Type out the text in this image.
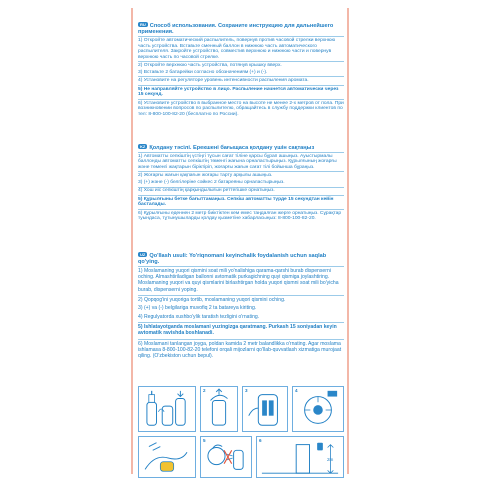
RU Способ использования. Сохраните инструкцию для дальнейшего применения.
1) Откройте автоматический распылитель, повернув против часовой стрелки верхнюю часть устройства. Вставьте сменный баллон в нижнюю часть автоматического распылителя. Закройте устройство, совместив верхнюю и нижнюю части и повернув верхнюю часть по часовой стрелке.
2) Откройте верхнюю часть устройства, потянув крышку вверх.
3) Вставьте 2 батарейки согласно обозначениям (+) и (-).
4) Установите на регуляторе уровень интенсивности распыления аромата.
5) Не направляйте устройство в лицо. Распыление начнется автоматически через 15 секунд.
6) Установите устройство в выбранное место на высоте не менее 2-х метров от пола. При возникновении вопросов по распылителю, обращайтесь в службу поддержки клиентов по тел: 8-800-100-82-20 (бесплатно по России).
KZ Қолдану тәсілі. Ерекшені бағыщаса қолдану үшін сақтаңыз
1) Автоматты сепкіштің үстіңгі тұсын сағат тіліне қарсы бұрап ашыңыз. Ауыстырмалы баллонды автоматты сепкіштің төменгі жағына орналастырыңыз. Құрылғының жоғарғы және төменгі жақтарын біріктіріп, жоғарғы жағын сағат тілі бойынша бұраңыз.
2) Жоғарғы жағын қақпағын жоғары тарту арқылы ашыңыз.
3) (+) және (-) белгілеріне сәйкес 2 батареяны орналастырыңыз.
4) Хош иіс сепкіштің қарқындылығын реттегішке орнатыңыз.
5) Құрылғыны бетке бағыттамаңыз. Сепкіш автоматты түрде 15 секундтан кейін басталады.
6) Құрылғыны еденнен 2 метр биіктіктен кем емес таңдалған жерге орнатыңыз. Сұрақтар туындаса, тұтынушыларды қолдау қызметіне хабарласыңыз: 8-800-100-82-20.
UZ Qo'llash usuli: Yo'riqnomani keyinchalik foydalanish uchun saqlab qo'ying.
1) Moslamaning yuqori qismini soat mili yo'nalishiga qarama-qarshi burab dispenserni oching. Almashtiriladigan ballonni avtomatik purkagichning quyi qismiga joylashtiring. Moslamaning yuqori va quyi qismlarini birlashtirgan holda yuqori qismni soat mili bo'yicha burab, dispenserni yoping.
2) Qopqog'ini yuqoriga tortib, moslamaning yuqori qismini oching.
3) (+) va (-) belgilariga muvofiq 2 ta batareya kiriting.
4) Regulyatorda xushbo'ylik taratish tezligini o'rnating.
5) Ishlatayotganda moslamani yuzingizga qaratmang. Purkash 15 soniyadan keyin avtomatik ravishda boshlanadi.
6) Moslamani tanlangan joyga, poldan kamida 2 metr balandlikka o'rnating. Agar moslama ishlamasa 8-800-100-82-20 telefoni orqali mijozlarni qo'llab-quvvatlash xizmatiga murojaat qiling. (O'zbekiston uchun bepul).
2	3	4
5	6
2m
